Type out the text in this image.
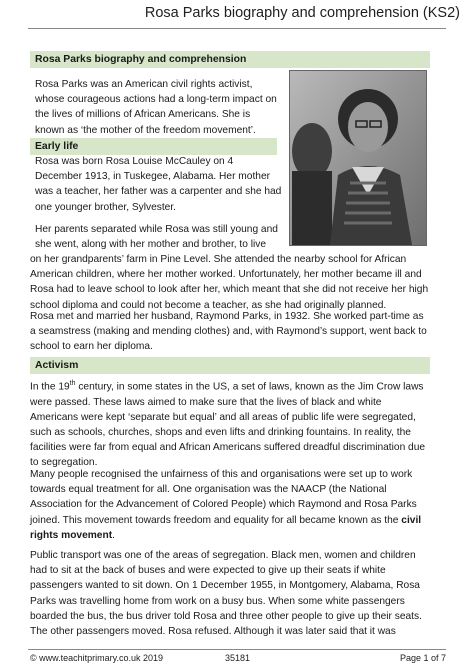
Rosa Parks biography and comprehension (KS2)
Rosa Parks biography and comprehension

Rosa Parks was an American civil rights activist, whose courageous actions had a long-term impact on the lives of millions of African Americans. She is known as ‘the mother of the freedom movement’.

Early life

Rosa was born Rosa Louise McCauley on 4 December 1913, in Tuskegee, Alabama. Her mother was a teacher, her father was a carpenter and she had one younger brother, Sylvester.

Her parents separated while Rosa was still young and she went, along with her mother and brother, to live

on her grandparents’ farm in Pine Level. She attended the nearby school for African American children, where her mother worked. Unfortunately, her mother became ill and Rosa had to leave school to look after her, which meant that she did not receive her high school diploma and could not become a teacher, as she had originally planned.

Rosa met and married her husband, Raymond Parks, in 1932. She worked part-time as a seamstress (making and mending clothes) and, with Raymond’s support, went back to school to earn her diploma.

Activism

In the 19th century, in some states in the US, a set of laws, known as the Jim Crow laws were passed. These laws aimed to make sure that the lives of black and white Americans were kept ‘separate but equal’ and all areas of public life were segregated, such as schools, churches, shops and even lifts and drinking fountains. In reality, the facilities were far from equal and African Americans suffered dreadful discrimination due to segregation.

Many people recognised the unfairness of this and organisations were set up to work towards equal treatment for all. One organisation was the NAACP (the National Association for the Advancement of Colored People) which Raymond and Rosa Parks joined. This movement towards freedom and equality for all became known as the civil rights movement.

Public transport was one of the areas of segregation. Black men, women and children had to sit at the back of buses and were expected to give up their seats if white passengers wanted to sit down. On 1 December 1955, in Montgomery, Alabama, Rosa Parks was travelling home from work on a busy bus. When some white passengers boarded the bus, the bus driver told Rosa and three other people to give up their seats. The other passengers moved. Rosa refused. Although it was later said that it was

© www.teachitprimary.co.uk 2019	35181	Page 1 of 7
